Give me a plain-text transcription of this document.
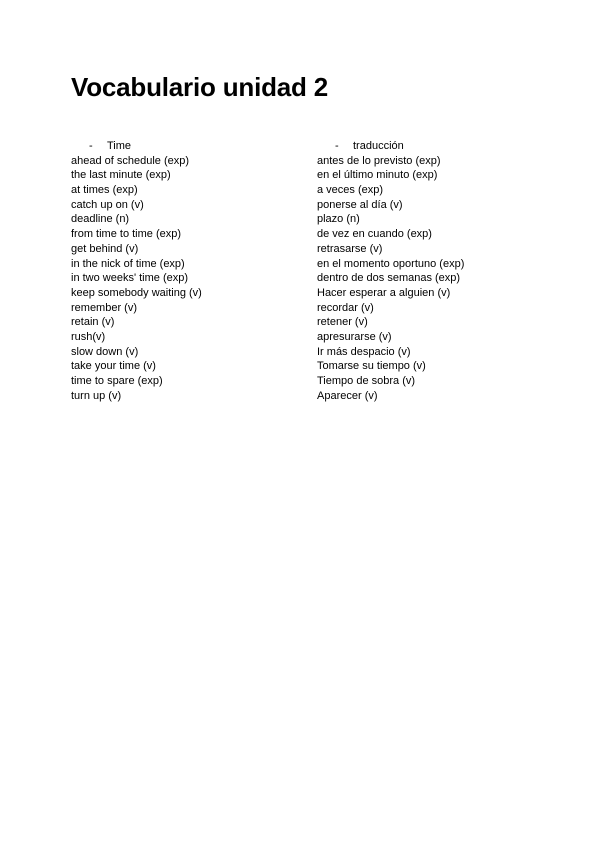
Vocabulario unidad 2
- Time
ahead of schedule (exp)
the last minute (exp)
at times (exp)
catch up on (v)
deadline (n)
from time to time (exp)
get behind (v)
in the nick of time (exp)
in two weeks' time (exp)
keep somebody waiting (v)
remember (v)
retain (v)
rush(v)
slow down (v)
take your time (v)
time to spare (exp)
turn up (v)
- traducción
antes de lo previsto (exp)
en el último minuto (exp)
a veces (exp)
ponerse al día (v)
plazo (n)
de vez en cuando (exp)
retrasarse (v)
en el momento oportuno (exp)
dentro de dos semanas (exp)
Hacer esperar a alguien (v)
recordar (v)
retener (v)
apresurarse (v)
Ir más despacio (v)
Tomarse su tiempo (v)
Tiempo de sobra (v)
Aparecer (v)
